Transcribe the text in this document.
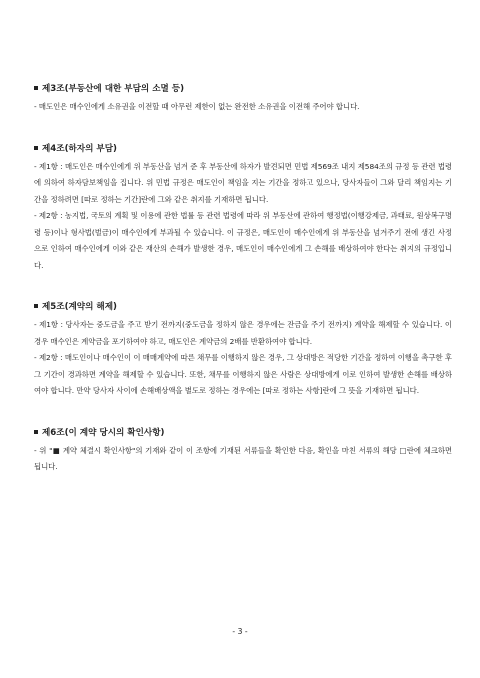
제3조(부동산에 대한 부담의 소멸 등)
- 매도인은 매수인에게 소유권을 이전할 때 아무런 제한이 없는 완전한 소유권을 이전해 주어야 합니다.
제4조(하자의 부담)
- 제1항 : 매도인은 매수인에게 위 부동산을 넘겨 준 후 부동산에 하자가 발견되면 민법 제569조 내지 제584조의 규정 등 관련 법령에 의하여 하자담보책임을 집니다. 위 민법 규정은 매도인이 책임을 지는 기간을 정하고 있으나, 당사자들이 그와 달리 책임지는 기간을 정하려면 [따로 정하는 기간]란에 그와 같은 취지를 기재하면 됩니다.
- 제2항 : 농지법, 국토의 계획 및 이용에 관한 법률 등 관련 법령에 따라 위 부동산에 관하여 행정법(이행강제금, 과태료, 원상복구명령 등)이나 형사법(벌금)이 매수인에게 부과될 수 있습니다. 이 규정은, 매도인이 매수인에게 위 부동산을 넘겨주기 전에 생긴 사정으로 인하여 매수인에게 이와 같은 재산의 손해가 발생한 경우, 매도인이 매수인에게 그 손해를 배상하여야 한다는 취지의 규정입니다.
제5조(계약의 해제)
- 제1항 : 당사자는 중도금을 주고 받기 전까지(중도금을 정하지 않은 경우에는 잔금을 주기 전까지) 계약을 해제할 수 있습니다. 이 경우 매수인은 계약금을 포기하여야 하고, 매도인은 계약금의 2배를 반환하여야 합니다.
- 제2항 : 매도인이나 매수인이 이 매매계약에 따른 채무를 이행하지 않은 경우, 그 상대방은 적당한 기간을 정하여 이행을 촉구한 후 그 기간이 경과하면 계약을 해제할 수 있습니다. 또한, 채무를 이행하지 않은 사람은 상대방에게 이로 인하여 발생한 손해를 배상하여야 합니다. 만약 당사자 사이에 손해배상액을 별도로 정하는 경우에는 [따로 정하는 사항]란에 그 뜻을 기재하면 됩니다.
제6조(이 계약 당시의 확인사항)
- 위 "■ 계약 체결시 확인사항"의 기재와 같이 이 조항에 기재된 서류들을 확인한 다음, 확인을 마친 서류의 해당 □란에 체크하면 됩니다.
- 3 -
